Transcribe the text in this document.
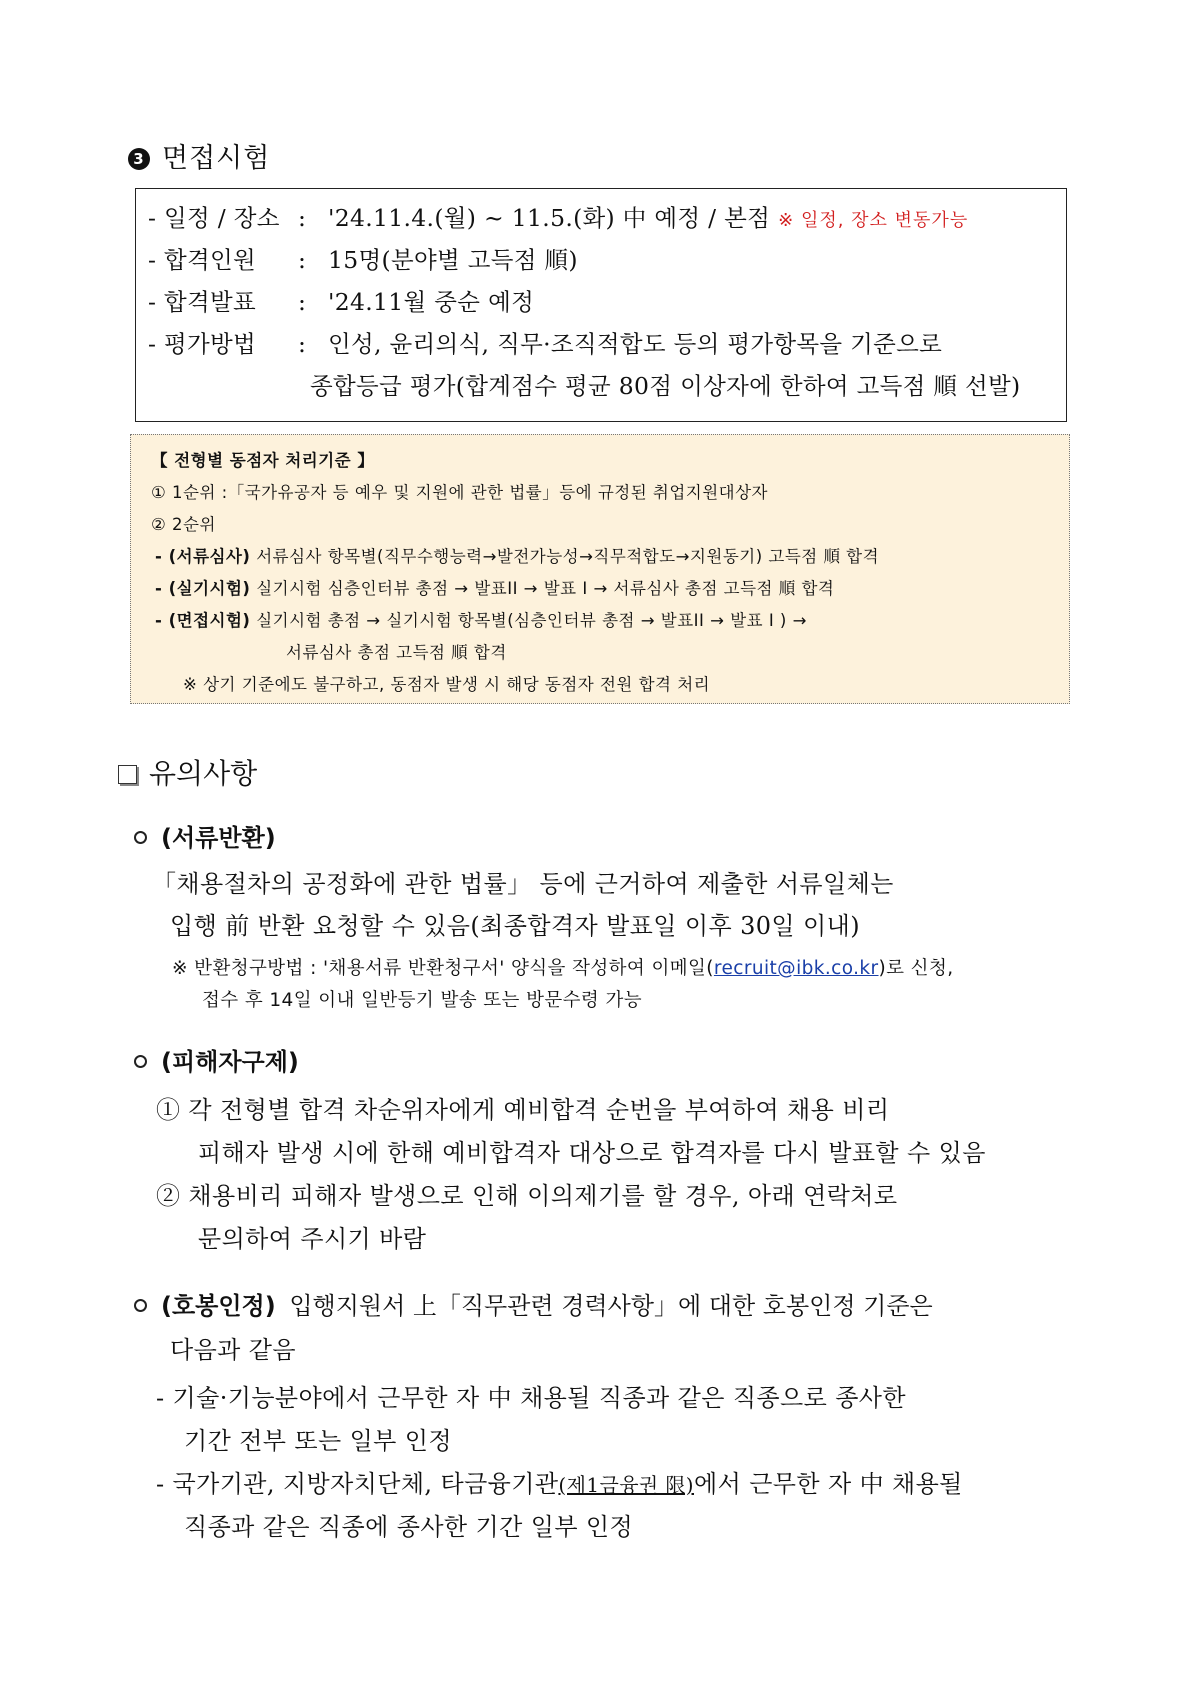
3 면접시험
- 일정 / 장소 : '24.11.4.(월) ~ 11.5.(화) 中 예정 / 본점 ※ 일정, 장소 변동가능
- 합격인원 : 15명(분야별 고득점 順)
- 합격발표 : '24.11월 중순 예정
- 평가방법 : 인성, 윤리의식, 직무·조직적합도 등의 평가항목을 기준으로
종합등급 평가(합계점수 평균 80점 이상자에 한하여 고득점 順 선발)
【 전형별 동점자 처리기준 】
① 1순위 :「국가유공자 등 예우 및 지원에 관한 법률」등에 규정된 취업지원대상자
② 2순위
- (서류심사) 서류심사 항목별(직무수행능력→발전가능성→직무적합도→지원동기) 고득점 順 합격
- (실기시험) 실기시험 심층인터뷰 총점 → 발표II → 발표 I → 서류심사 총점 고득점 順 합격
- (면접시험) 실기시험 총점 → 실기시험 항목별(심층인터뷰 총점 → 발표II → 발표 I ) →
서류심사 총점 고득점 順 합격
※ 상기 기준에도 불구하고, 동점자 발생 시 해당 동점자 전원 합격 처리
유의사항
(서류반환)
「채용절차의 공정화에 관한 법률」 등에 근거하여 제출한 서류일체는
입행 前 반환 요청할 수 있음(최종합격자 발표일 이후 30일 이내)
※ 반환청구방법 : '채용서류 반환청구서' 양식을 작성하여 이메일(recruit@ibk.co.kr)로 신청,
접수 후 14일 이내 일반등기 발송 또는 방문수령 가능
(피해자구제)
① 각 전형별 합격 차순위자에게 예비합격 순번을 부여하여 채용 비리
피해자 발생 시에 한해 예비합격자 대상으로 합격자를 다시 발표할 수 있음
② 채용비리 피해자 발생으로 인해 이의제기를 할 경우, 아래 연락처로
문의하여 주시기 바람
(호봉인정) 입행지원서 上「직무관련 경력사항」에 대한 호봉인정 기준은
다음과 같음
- 기술·기능분야에서 근무한 자 中 채용될 직종과 같은 직종으로 종사한
기간 전부 또는 일부 인정
- 국가기관, 지방자치단체, 타금융기관(제1금융권 限)에서 근무한 자 中 채용될
직종과 같은 직종에 종사한 기간 일부 인정
